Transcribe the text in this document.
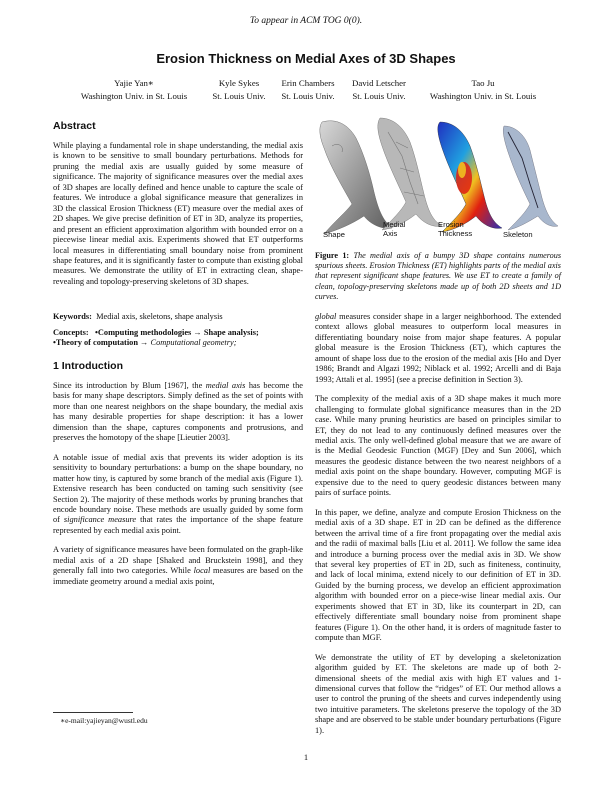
To appear in ACM TOG 0(0).
Erosion Thickness on Medial Axes of 3D Shapes
Yajie Yan∗
Washington Univ. in St. Louis
Kyle Sykes
St. Louis Univ.
Erin Chambers
St. Louis Univ.
David Letscher
St. Louis Univ.
Tao Ju
Washington Univ. in St. Louis
Abstract

While playing a fundamental role in shape understanding, the medial axis is known to be sensitive to small boundary perturbations. Methods for pruning the medial axis are usually guided by some measure of significance. The majority of significance measures over the medial axes of 3D shapes are locally defined and hence unable to capture the scale of features. We introduce a global significance measure that generalizes in 3D the classical Erosion Thickness (ET) measure over the medial axes of 2D shapes. We give precise definition of ET in 3D, analyze its properties, and present an efficient approximation algorithm with bounded error on a piecewise linear medial axis. Experiments showed that ET outperforms local measures in differentiating small boundary noise from prominent shape features, and it is significantly faster to compute than existing global measures. We demonstrate the utility of ET in extracting clean, shape-revealing and topology-preserving skeletons of 3D shapes.

Keywords: Medial axis, skeletons, shape analysis
Concepts: •Computing methodologies → Shape analysis;
•Theory of computation → Computational geometry;
1 Introduction

Since its introduction by Blum [1967], the medial axis has become the basis for many shape descriptors. Simply defined as the set of points with more than one nearest neighbors on the shape boundary, the medial axis has many desirable properties for shape description: it has a lower dimension than the shape, captures components and protrusions, and preserves the homotopy of the shape [Lieutier 2003].

A notable issue of medial axis that prevents its wider adoption is its sensitivity to boundary perturbations: a bump on the shape boundary, no matter how tiny, is captured by some branch of the medial axis (Figure 1). Extensive research has been conducted on taming such sensitivity (see Section 2). The majority of these methods works by pruning branches that encode boundary noise. These methods are usually guided by some form of significance measure that rates the importance of the shape feature represented by each medial axis point.

A variety of significance measures have been formulated on the graph-like medial axis of a 2D shape [Shaked and Bruckstein 1998], and they generally fall into two categories. While local measures are based on the immediate geometry around a medial axis point,

∗e-mail:yajieyan@wustl.edu
Shape
Medial Axis
Erosion Thickness	Skeleton
Figure 1: The medial axis of a bumpy 3D shape contains numerous spurious sheets. Erosion Thickness (ET) highlights parts of the medial axis that represent significant shape features. We use ET to create a family of clean, topology-preserving skeletons made up of both 2D sheets and 1D curves.

global measures consider shape in a larger neighborhood. The extended context allows global measures to outperform local measures in differentiating boundary noise from major shape features. A popular global measure is the Erosion Thickness (ET), which captures the amount of shape loss due to the erosion of the medial axis [Ho and Dyer 1986; Brandt and Algazi 1992; Niblack et al. 1992; Arcelli and di Baja 1993; Attali et al. 1995] (see a precise definition in Section 3).

The complexity of the medial axis of a 3D shape makes it much more challenging to formulate global significance measures than in the 2D case. While many pruning heuristics are based on principles similar to ET, they do not lead to any continuously defined measures over the medial axis. The only well-defined global measure that we are aware of is the Medial Geodesic Function (MGF) [Dey and Sun 2006], which measures the geodesic distance between the two nearest neighbors of a medial axis point on the shape boundary. However, computing MGF is expensive due to the need to query geodesic distances between many pairs of surface points.

In this paper, we define, analyze and compute Erosion Thickness on the medial axis of a 3D shape. ET in 2D can be defined as the difference between the arrival time of a fire front propagating over the medial axis and the radii of maximal balls [Liu et al. 2011]. We follow the same idea and introduce a burning process over the medial axis in 3D. We show that several key properties of ET in 2D, such as finiteness, continuity, and lack of local minima, extend nicely to our definition of ET in 3D. Guided by the burning process, we develop an efficient approximation algorithm with bounded error on a piece-wise linear medial axis. Our experiments showed that ET in 3D, like its counterpart in 2D, can effectively differentiate small boundary noise from prominent shape features (Figure 1). On the other hand, it is orders of magnitude faster to compute than MGF.

We demonstrate the utility of ET by developing a skeletonization algorithm guided by ET. The skeletons are made up of both 2-dimensional sheets of the medial axis with high ET values and 1-dimensional curves that follow the “ridges” of ET. Our method allows a user to control the pruning of the sheets and curves independently using two intuitive parameters. The skeletons preserve the topology of the 3D shape and are observed to be stable under boundary perturbations (Figure 1).

1
